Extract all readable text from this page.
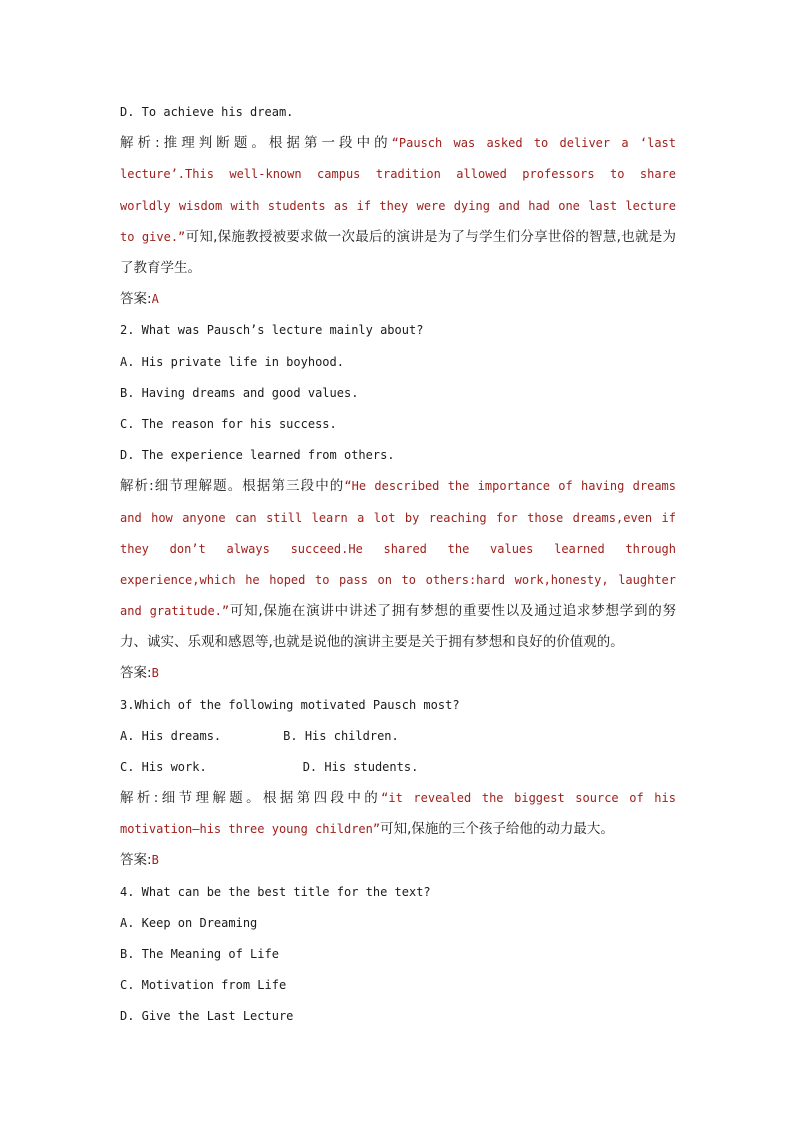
D. To achieve his dream.
解析:推理判断题。根据第一段中的“Pausch was asked to deliver a ‘last lecture’.This well-known campus tradition allowed professors to share worldly wisdom with students as if they were dying and had one last lecture to give.”可知,保施教授被要求做一次最后的演讲是为了与学生们分享世俗的智慧,也就是为了教育学生。
答案:A
2. What was Pausch’s lecture mainly about?
A. His private life in boyhood.
B. Having dreams and good values.
C. The reason for his success.
D. The experience learned from others.
解析:细节理解题。根据第三段中的“He described the importance of having dreams and how anyone can still learn a lot by reaching for those dreams,even if they don’t always succeed.He shared the values learned through experience,which he hoped to pass on to others:hard work,honesty, laughter and gratitude.”可知,保施在演讲中讲述了拥有梦想的重要性以及通过追求梦想学到的努力、诚实、乐观和感恩等,也就是说他的演讲主要是关于拥有梦想和良好的价值观的。
答案:B
3.Which of the following motivated Pausch most?
A. His dreams.	B. His children.
C. His work.	D. His students.
解析:细节理解题。根据第四段中的“it revealed the biggest source of his motivation—his three young children”可知,保施的三个孩子给他的动力最大。
答案:B
4. What can be the best title for the text?
A. Keep on Dreaming
B. The Meaning of Life
C. Motivation from Life
D. Give the Last Lecture
